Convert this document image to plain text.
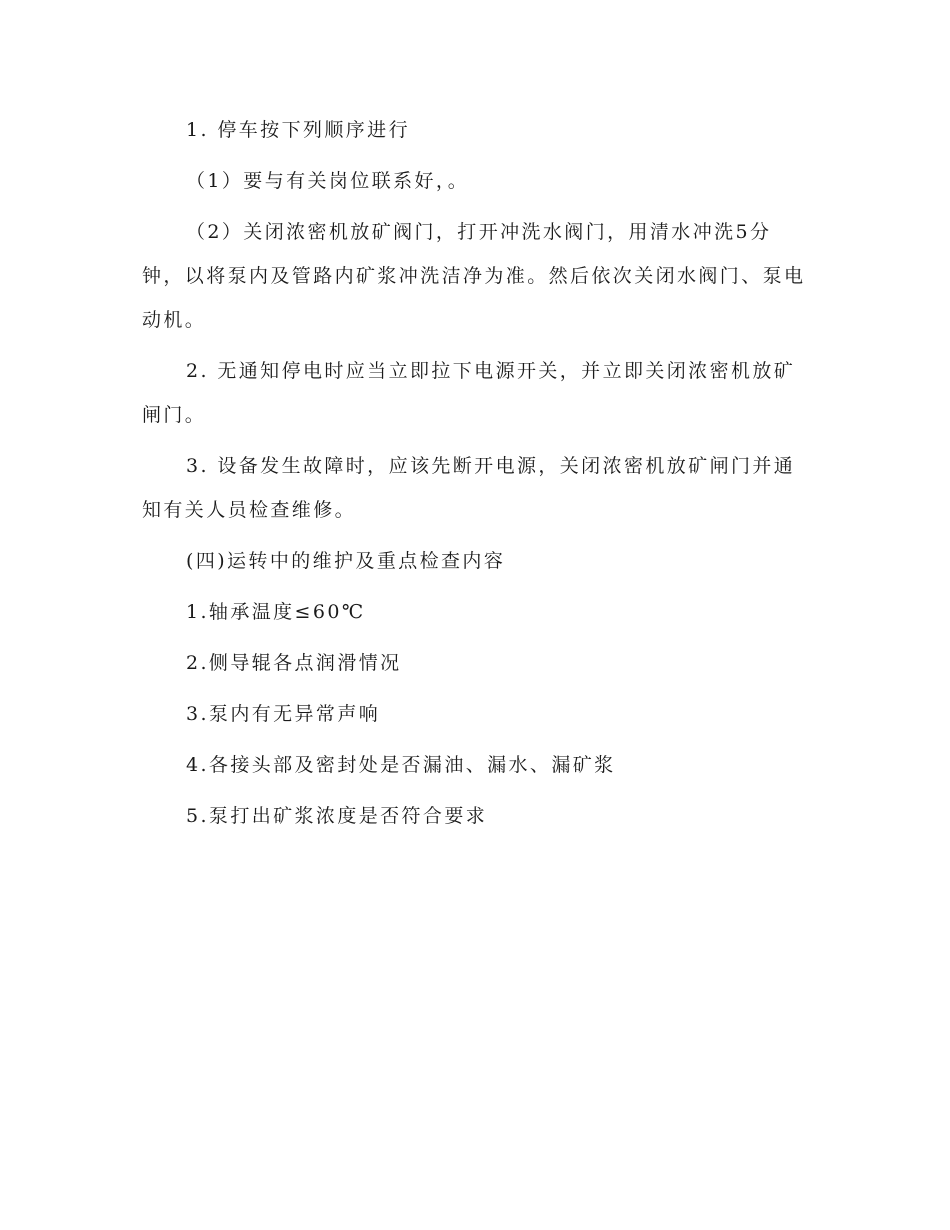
1. 停车按下列顺序进行

（1）要与有关岗位联系好，。

（2）关闭浓密机放矿阀门，打开冲洗水阀门，用清水冲洗5分钟，以将泵内及管路内矿浆冲洗洁净为准。然后依次关闭水阀门、泵电动机。

2. 无通知停电时应当立即拉下电源开关，并立即关闭浓密机放矿闸门。

3. 设备发生故障时，应该先断开电源，关闭浓密机放矿闸门并通知有关人员检查维修。

(四)运转中的维护及重点检查内容

1.轴承温度≤60℃

2.侧导辊各点润滑情况

3.泵内有无异常声响

4.各接头部及密封处是否漏油、漏水、漏矿浆

5.泵打出矿浆浓度是否符合要求
